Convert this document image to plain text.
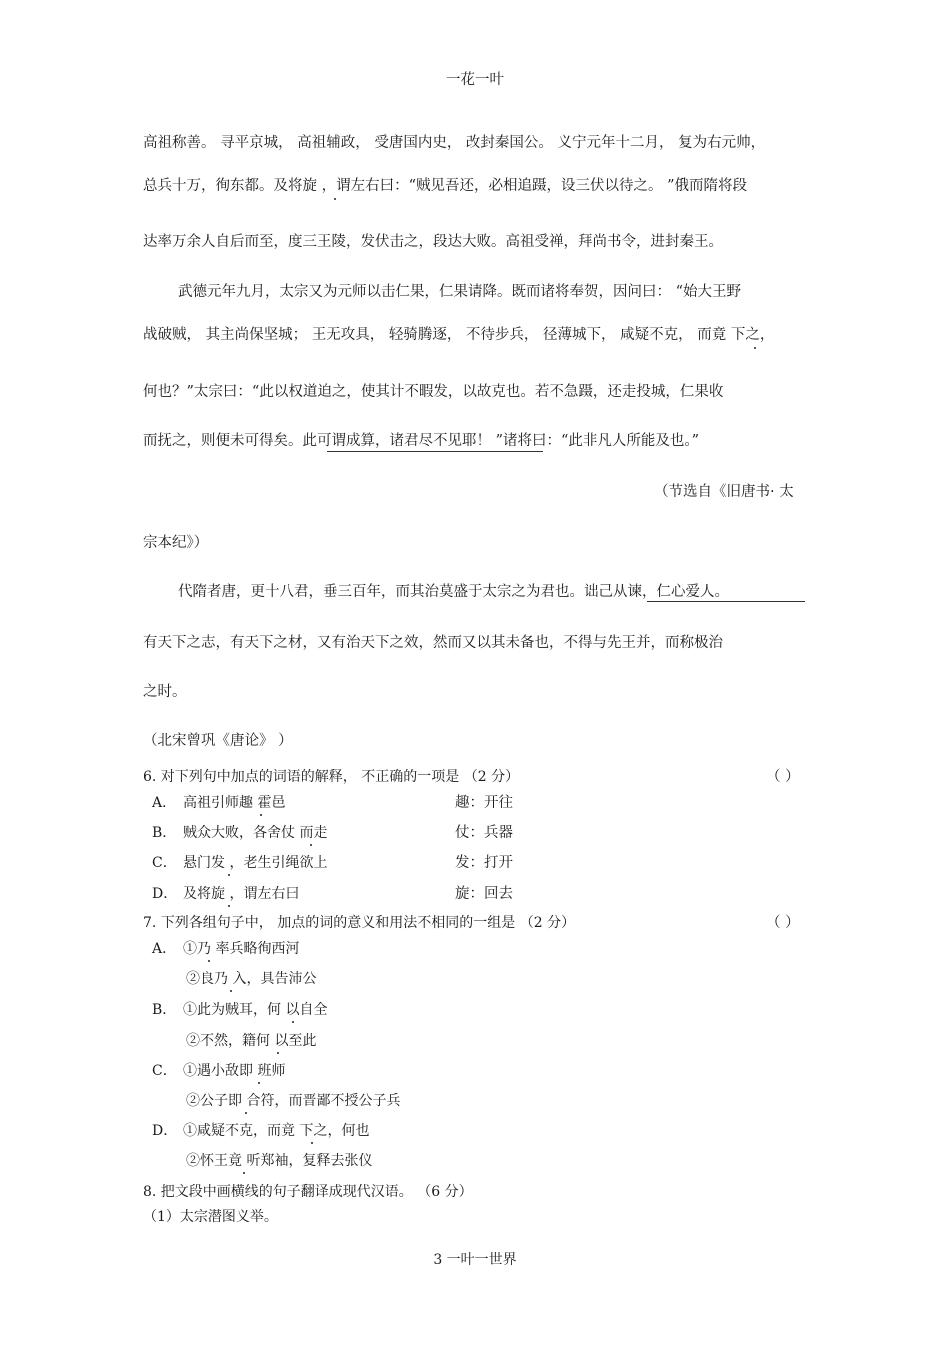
一花一叶
高祖称善。 寻平京城， 高祖辅政， 受唐国内史， 改封秦国公。 义宁元年十二月， 复为右元帅，
总兵十万，徇东都。及将旋 ，谓左右曰：“贼见吾还，必相追蹑，设三伏以待之。 ”俄而隋将段
达率万余人自后而至，度三王陵，发伏击之，段达大败。高祖受禅，拜尚书令，进封秦王。
武德元年九月，太宗又为元师以击仁果，仁果请降。既而诸将奉贺，因问曰： “始大王野
战破贼， 其主尚保坚城； 王无攻具， 轻骑腾逐， 不待步兵， 径薄城下， 咸疑不克， 而竟 下之，
何也？”太宗曰：“此以权道迫之，使其计不暇发，以故克也。若不急蹑，还走投城，仁果收
而抚之，则便未可得矣。此可谓成算，诸君尽不见耶！ ”诸将曰：“此非凡人所能及也。”
（节选自《旧唐书· 太
宗本纪》）
代隋者唐，更十八君，垂三百年，而其治莫盛于太宗之为君也。诎己从谏，仁心爱人。
有天下之志，有天下之材，又有治天下之效，然而又以其未备也，不得与先王并，而称极治
之时。
（北宋曾巩《唐论》 ）
6. 对下列句中加点的词语的解释， 不正确的一项是 （2 分）	（ ）
A． 高祖引师趣 霍邑	趣：开往
B． 贼众大败，各舍仗 而走	仗：兵器
C． 悬门发 ，老生引绳欲上	发：打开
D． 及将旋 ，谓左右曰	旋：回去
7. 下列各组句子中， 加点的词的意义和用法不相同的一组是 （2 分）	（ ）
A． ①乃 率兵略徇西河
②良乃 入，具告沛公
B． ①此为贼耳，何 以自全
②不然，籍何 以至此
C． ①遇小敌即 班师
②公子即 合符，而晋鄙不授公子兵
D． ①咸疑不克，而竟 下之，何也
②怀王竟 听郑袖，复释去张仪
8. 把文段中画横线的句子翻译成现代汉语。 （6 分）
（1）太宗潜图义举。
3 一叶一世界
